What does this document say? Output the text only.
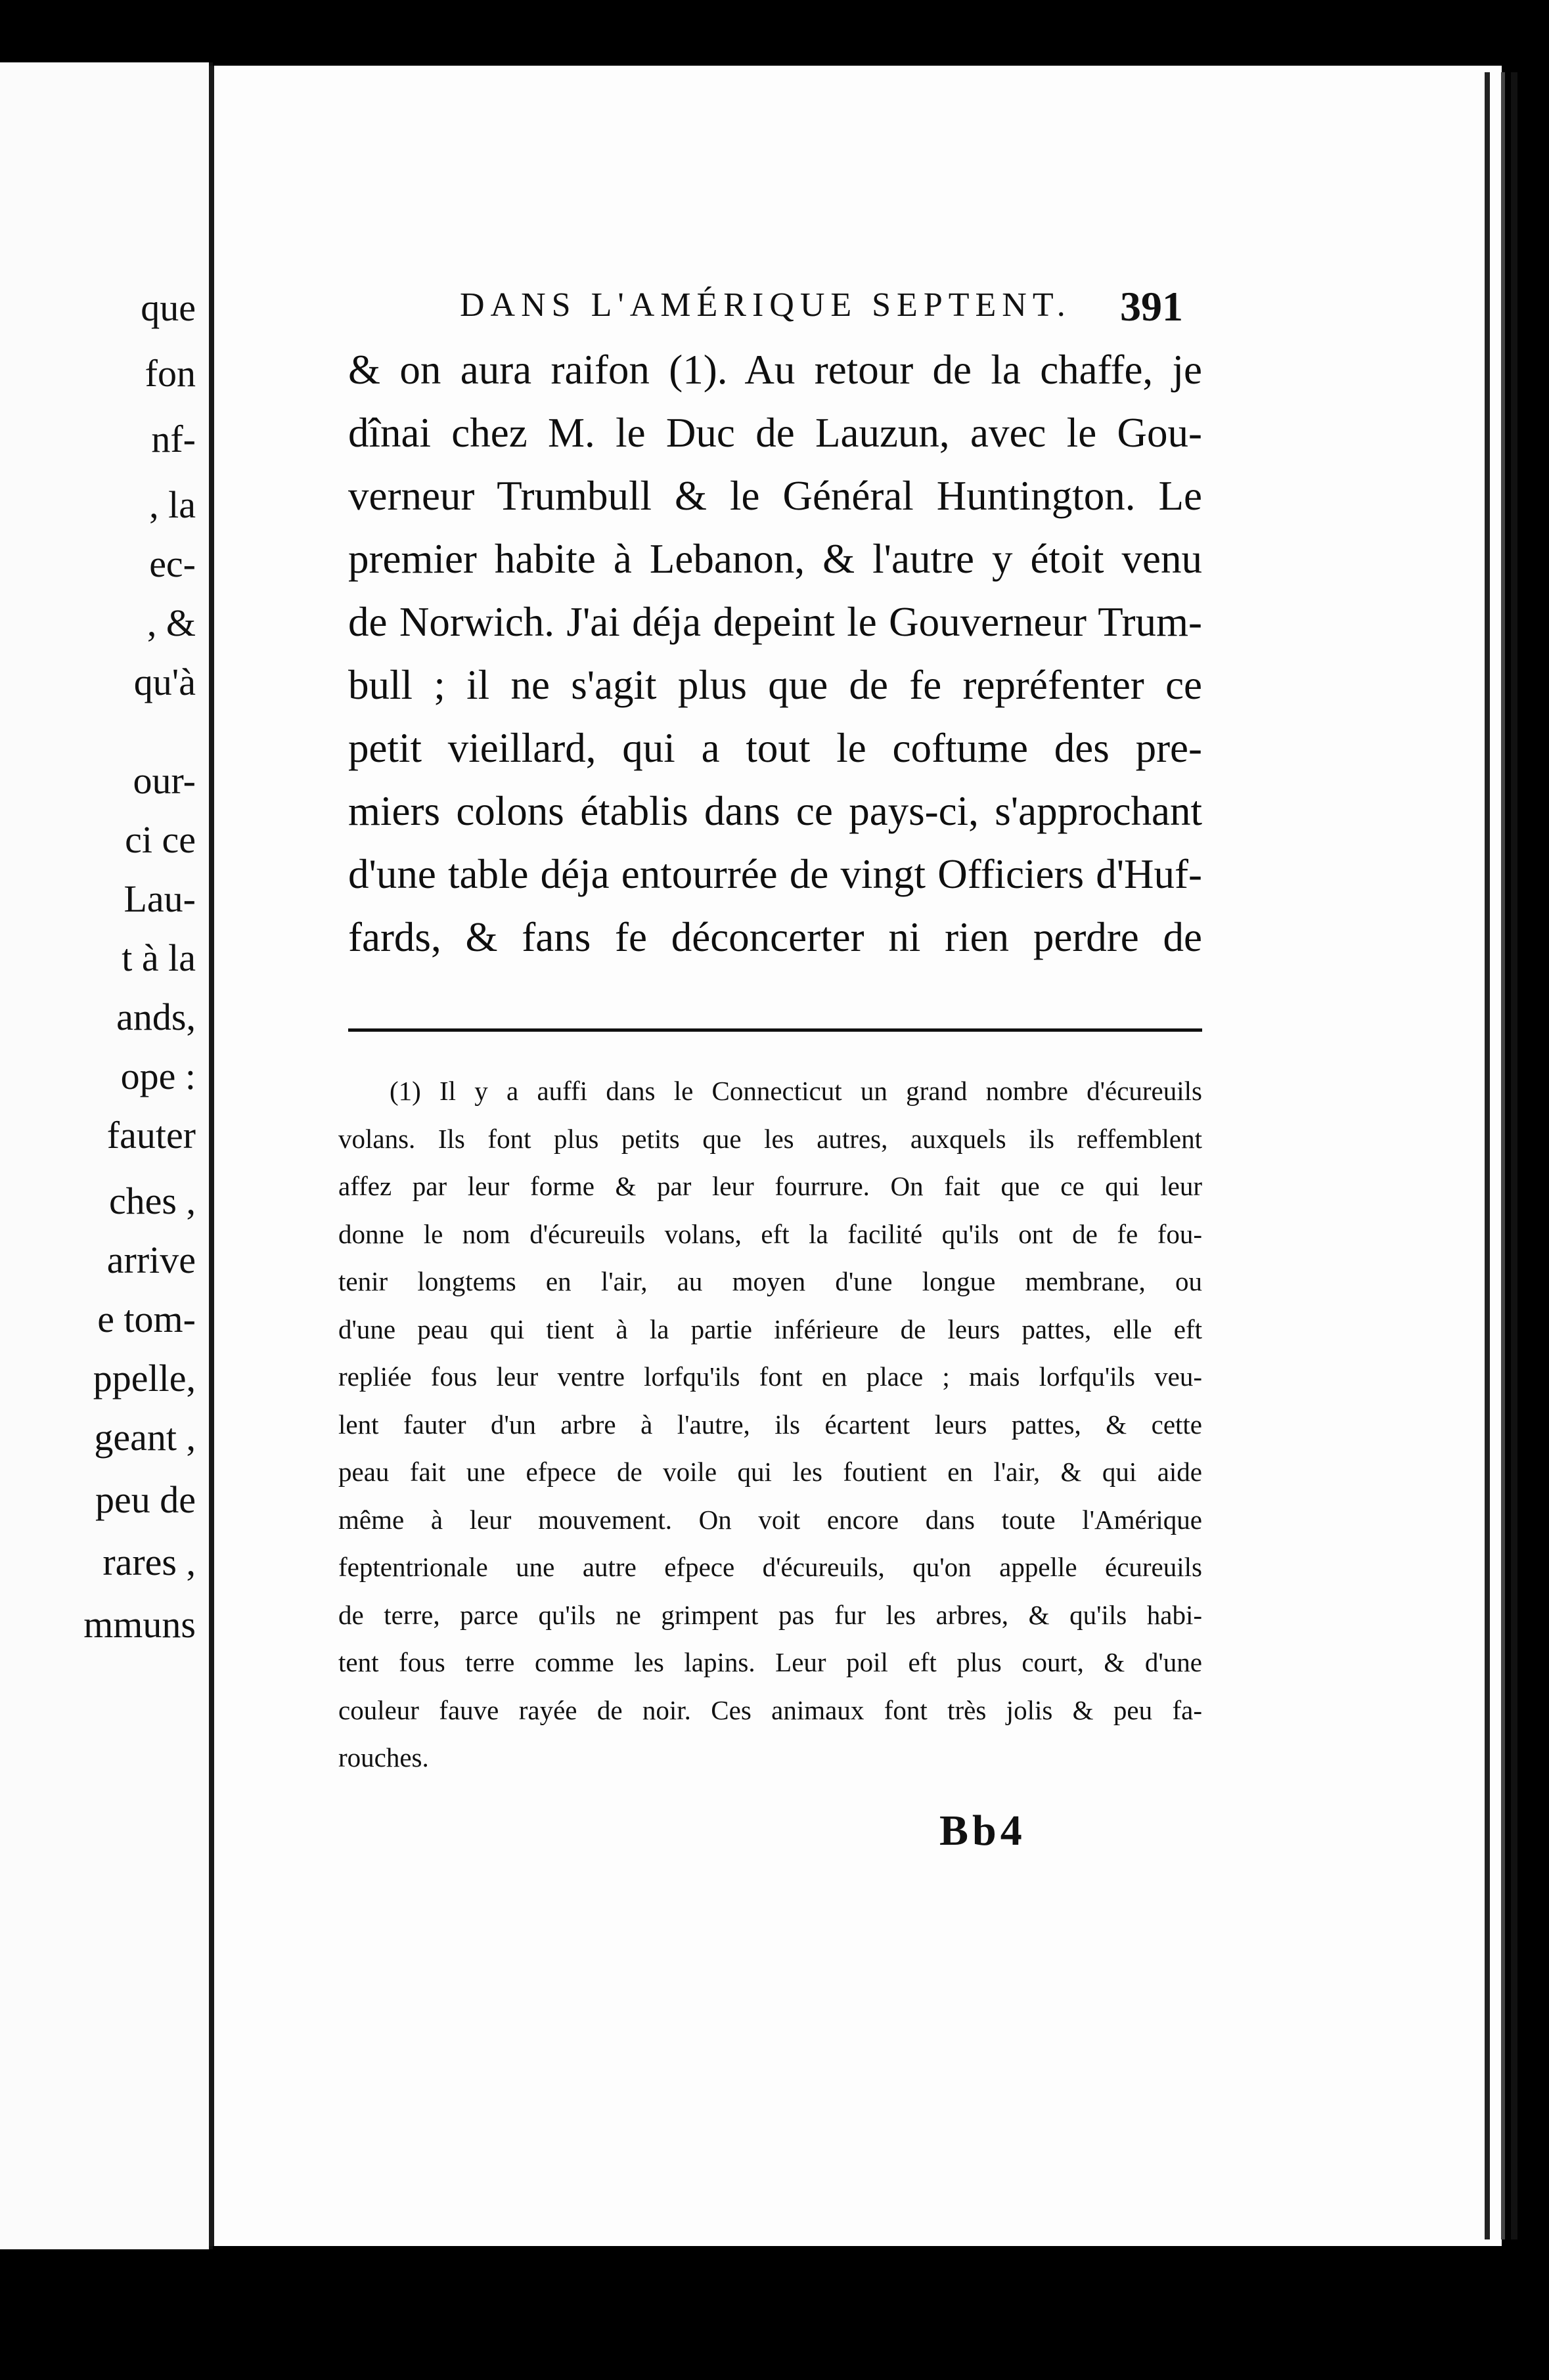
que
fon
nf-
, la
ec-
, &
qu'à
our-
ci ce
Lau-
t à la
ands,
ope :
fauter
ches ,
arrive
e tom-
ppelle,
geant ,
peu de
rares ,
mmuns
DANS L'AMÉRIQUE SEPTENT. 391
& on aura raifon (1). Au retour de la chaffe, je
dînai chez M. le Duc de Lauzun, avec le Gou-
verneur Trumbull & le Général Huntington. Le
premier habite à Lebanon, & l'autre y étoit venu
de Norwich. J'ai déja depeint le Gouverneur Trum-
bull ; il ne s'agit plus que de fe repréfenter ce
petit vieillard, qui a tout le coftume des pre-
miers colons établis dans ce pays-ci, s'approchant
d'une table déja entourrée de vingt Officiers d'Huf-
fards, & fans fe déconcerter ni rien perdre de
(1) Il y a auffi dans le Connecticut un grand nombre d'écureuils
volans. Ils font plus petits que les autres, auxquels ils reffemblent
affez par leur forme & par leur fourrure. On fait que ce qui leur
donne le nom d'écureuils volans, eft la facilité qu'ils ont de fe fou-
tenir longtems en l'air, au moyen d'une longue membrane, ou
d'une peau qui tient à la partie inférieure de leurs pattes, elle eft
repliée fous leur ventre lorfqu'ils font en place ; mais lorfqu'ils veu-
lent fauter d'un arbre à l'autre, ils écartent leurs pattes, & cette
peau fait une efpece de voile qui les foutient en l'air, & qui aide
même à leur mouvement. On voit encore dans toute l'Amérique
feptentrionale une autre efpece d'écureuils, qu'on appelle écureuils
de terre, parce qu'ils ne grimpent pas fur les arbres, & qu'ils habi-
tent fous terre comme les lapins. Leur poil eft plus court, & d'une
couleur fauve rayée de noir. Ces animaux font très jolis & peu fa-
rouches.
Bb4
